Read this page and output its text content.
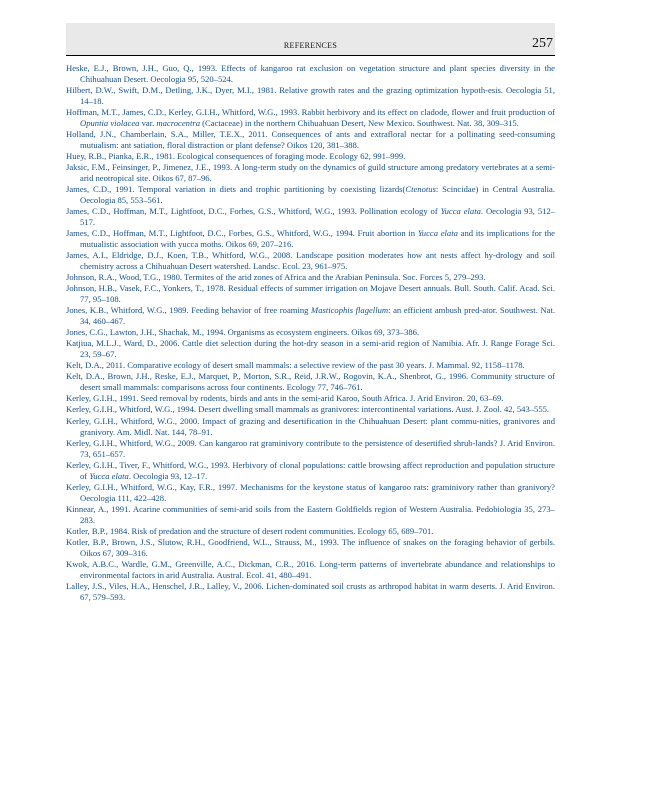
REFERENCES	257

Heske, E.J., Brown, J.H., Guo, Q., 1993. Effects of kangaroo rat exclusion on vegetation structure and plant species diversity in the Chihuahuan Desert. Oecologia 95, 520–524.

Hilbert, D.W., Swift, D.M., Detling, J.K., Dyer, M.I., 1981. Relative growth rates and the grazing optimization hypoth-esis. Oecologia 51, 14–18.

Hoffman, M.T., James, C.D., Kerley, G.I.H., Whitford, W.G., 1993. Rabbit herbivory and its effect on cladode, flower and fruit production of Opuntia violacea var. macrocentra (Cactaceae) in the northern Chihuahuan Desert, New Mexico. Southwest. Nat. 38, 309–315.

Holland, J.N., Chamberlain, S.A., Miller, T.E.X., 2011. Consequences of ants and extrafloral nectar for a pollinating seed-consuming mutualism: ant satiation, floral distraction or plant defense? Oikos 120, 381–388.

Huey, R.B., Pianka, E.R., 1981. Ecological consequences of foraging mode. Ecology 62, 991–999.

Jaksic, F.M., Feinsinger, P., Jimenez, J.E., 1993. A long-term study on the dynamics of guild structure among predatory vertebrates at a semi-arid neotropical site. Oikos 67, 87–96.

James, C.D., 1991. Temporal variation in diets and trophic partitioning by coexisting lizards(Ctenotus: Scincidae) in Central Australia. Oecologia 85, 553–561.

James, C.D., Hoffman, M.T., Lightfoot, D.C., Forbes, G.S., Whitford, W.G., 1993. Pollination ecology of Yucca elata. Oecologia 93, 512–517.

James, C.D., Hoffman, M.T., Lightfoot, D.C., Forbes, G.S., Whitford, W.G., 1994. Fruit abortion in Yucca elata and its implications for the mutualistic association with yucca moths. Oikos 69, 207–216.

James, A.I., Eldridge, D.J., Koen, T.B., Whitford, W.G., 2008. Landscape position moderates how ant nests affect hy-drology and soil chemistry across a Chihuahuan Desert watershed. Landsc. Ecol. 23, 961–975.

Johnson, R.A., Wood, T.G., 1980. Termites of the arid zones of Africa and the Arabian Peninsula. Soc. Forces 5, 279–293.

Johnson, H.B., Vasek, F.C., Yonkers, T., 1978. Residual effects of summer irrigation on Mojave Desert annuals. Bull. South. Calif. Acad. Sci. 77, 95–108.

Jones, K.B., Whitford, W.G., 1989. Feeding behavior of free roaming Masticophis flagellum: an efficient ambush pred-ator. Southwest. Nat. 34, 460–467.

Jones, C.G., Lawton, J.H., Shachak, M., 1994. Organisms as ecosystem engineers. Oikos 69, 373–386.

Katjiua, M.L.J., Ward, D., 2006. Cattle diet selection during the hot-dry season in a semi-arid region of Namibia. Afr. J. Range Forage Sci. 23, 59–67.

Kelt, D.A., 2011. Comparative ecology of desert small mammals: a selective review of the past 30 years. J. Mammal. 92, 1158–1178.

Kelt, D.A., Brown, J.H., Reske, E.J., Marquet, P., Morton, S.R., Reid, J.R.W., Rogovin, K.A., Shenbrot, G., 1996. Community structure of desert small mammals: comparisons across four continents. Ecology 77, 746–761.

Kerley, G.I.H., 1991. Seed removal by rodents, birds and ants in the semi-arid Karoo, South Africa. J. Arid Environ. 20, 63–69.

Kerley, G.I.H., Whitford, W.G., 1994. Desert dwelling small mammals as granivores: intercontinental variations. Aust. J. Zool. 42, 543–555.

Kerley, G.I.H., Whitford, W.G., 2000. Impact of grazing and desertification in the Chihuahuan Desert: plant commu-nities, granivores and granivory. Am. Midl. Nat. 144, 78–91.

Kerley, G.I.H., Whitford, W.G., 2009. Can kangaroo rat graminivory contribute to the persistence of desertified shrub-lands? J. Arid Environ. 73, 651–657.

Kerley, G.I.H., Tiver, F., Whitford, W.G., 1993. Herbivory of clonal populations: cattle browsing affect reproduction and population structure of Yucca elata. Oecologia 93, 12–17.

Kerley, G.I.H., Whitford, W.G., Kay, F.R., 1997. Mechanisms for the keystone status of kangaroo rats: graminivory rather than granivory? Oecologia 111, 422–428.

Kinnear, A., 1991. Acarine communities of semi-arid soils from the Eastern Goldfields region of Western Australia. Pedobiologia 35, 273–283.

Kotler, B.P., 1984. Risk of predation and the structure of desert rodent communities. Ecology 65, 689–701.

Kotler, B.P., Brown, J.S., Slutow, R.H., Goodfriend, W.L., Strauss, M., 1993. The influence of snakes on the foraging behavior of gerbils. Oikos 67, 309–316.

Kwok, A.B.C., Wardle, G.M., Greenville, A.C., Dickman, C.R., 2016. Long-term patterns of invertebrate abundance and relationships to environmental factors in arid Australia. Austral. Ecol. 41, 480–491.

Lalley, J.S., Viles, H.A., Henschel, J.R., Lalley, V., 2006. Lichen-dominated soil crusts as arthropod habitat in warm deserts. J. Arid Environ. 67, 579–593.
